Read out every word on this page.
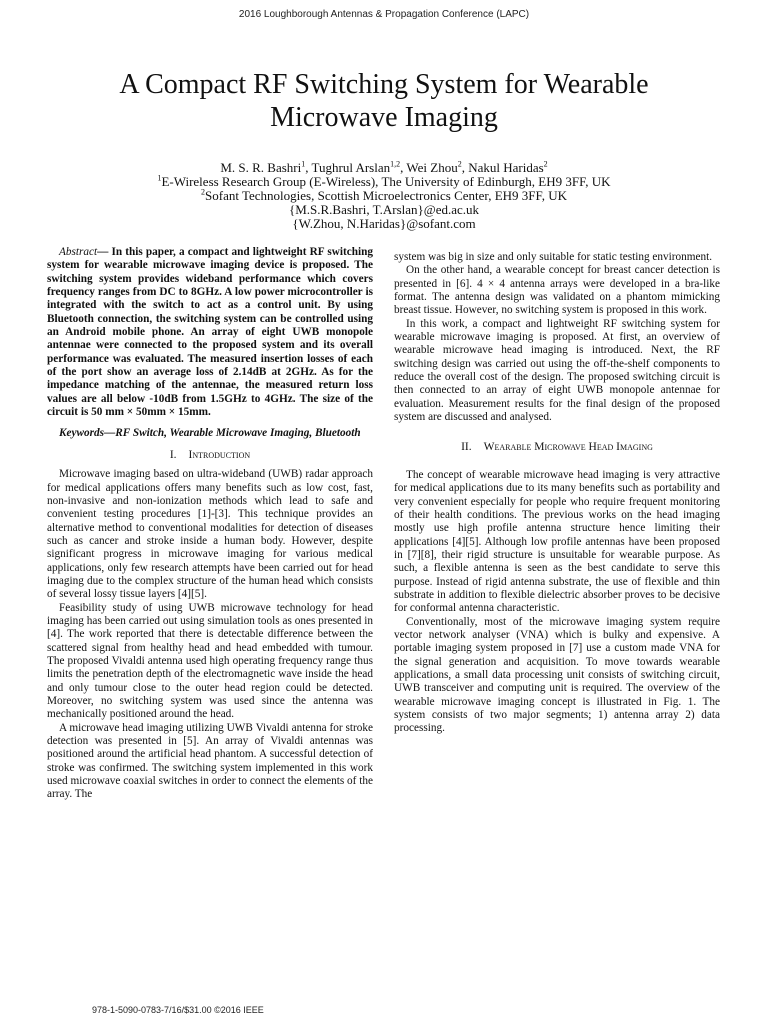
2016 Loughborough Antennas & Propagation Conference (LAPC)
A Compact RF Switching System for Wearable
Microwave Imaging
M. S. R. Bashri$^1$, Tughrul Arslan$^{1,2}$, Wei Zhou$^2$, Nakul Haridas$^2$
$^1$E-Wireless Research Group (E-Wireless), The University of Edinburgh, EH9 3FF, UK
$^2$Sofant Technologies, Scottish Microelectronics Center, EH9 3FF, UK
{M.S.R.Bashri, T.Arslan}@ed.ac.uk
{W.Zhou, N.Haridas}@sofant.com

Abstract— In this paper, a compact and lightweight RF switching system for wearable microwave imaging device is proposed. The switching system provides wideband performance which covers frequency ranges from DC to 8GHz. A low power microcontroller is integrated with the switch to act as a control unit. By using Bluetooth connection, the switching system can be controlled using an Android mobile phone. An array of eight UWB monopole antennae were connected to the proposed system and its overall performance was evaluated. The measured insertion losses of each of the port show an average loss of 2.14dB at 2GHz. As for the impedance matching of the antennae, the measured return loss values are all below -10dB from 1.5GHz to 4GHz. The size of the circuit is 50 mm × 50mm × 15mm.

Keywords—RF Switch, Wearable Microwave Imaging, Bluetooth

I. Introduction

Microwave imaging based on ultra-wideband (UWB) radar approach for medical applications offers many benefits such as low cost, fast, non-invasive and non-ionization methods which lead to safe and convenient testing procedures [1]-[3]. This technique provides an alternative method to conventional modalities for detection of diseases such as cancer and stroke inside a human body. However, despite significant progress in microwave imaging for various medical applications, only few research attempts have been carried out for head imaging due to the complex structure of the human head which consists of several lossy tissue layers [4][5].

Feasibility study of using UWB microwave technology for head imaging has been carried out using simulation tools as ones presented in [4]. The work reported that there is detectable difference between the scattered signal from healthy head and head embedded with tumour. The proposed Vivaldi antenna used high operating frequency range thus limits the penetration depth of the electromagnetic wave inside the head and only tumour close to the outer head region could be detected. Moreover, no switching system was used since the antenna was mechanically positioned around the head.

A microwave head imaging utilizing UWB Vivaldi antenna for stroke detection was presented in [5]. An array of Vivaldi antennas was positioned around the artificial head phantom. A successful detection of stroke was confirmed. The switching system implemented in this work used microwave coaxial switches in order to connect the elements of the array. The

system was big in size and only suitable for static testing environment.

On the other hand, a wearable concept for breast cancer detection is presented in [6]. 4 × 4 antenna arrays were developed in a bra-like format. The antenna design was validated on a phantom mimicking breast tissue. However, no switching system is proposed in this work.

In this work, a compact and lightweight RF switching system for wearable microwave imaging is proposed. At first, an overview of wearable microwave head imaging is introduced. Next, the RF switching design was carried out using the off-the-shelf components to reduce the overall cost of the design. The proposed switching circuit is then connected to an array of eight UWB monopole antennae for evaluation. Measurement results for the final design of the proposed system are discussed and analysed.

II. Wearable Microwave Head Imaging

The concept of wearable microwave head imaging is very attractive for medical applications due to its many benefits such as portability and very convenient especially for people who require frequent monitoring of their health conditions. The previous works on the head imaging mostly use high profile antenna structure hence limiting their applications [4][5]. Although low profile antennas have been proposed in [7][8], their rigid structure is unsuitable for wearable purpose. As such, a flexible antenna is seen as the best candidate to serve this purpose. Instead of rigid antenna substrate, the use of flexible and thin substrate in addition to flexible dielectric absorber proves to be decisive for conformal antenna characteristic.

Conventionally, most of the microwave imaging system require vector network analyser (VNA) which is bulky and expensive. A portable imaging system proposed in [7] use a custom made VNA for the signal generation and acquisition. To move towards wearable applications, a small data processing unit consists of switching circuit, UWB transceiver and computing unit is required. The overview of the wearable microwave imaging concept is illustrated in Fig. 1. The system consists of two major segments; 1) antenna array 2) data processing.

978-1-5090-0783-7/16/$31.00 ©2016 IEEE
